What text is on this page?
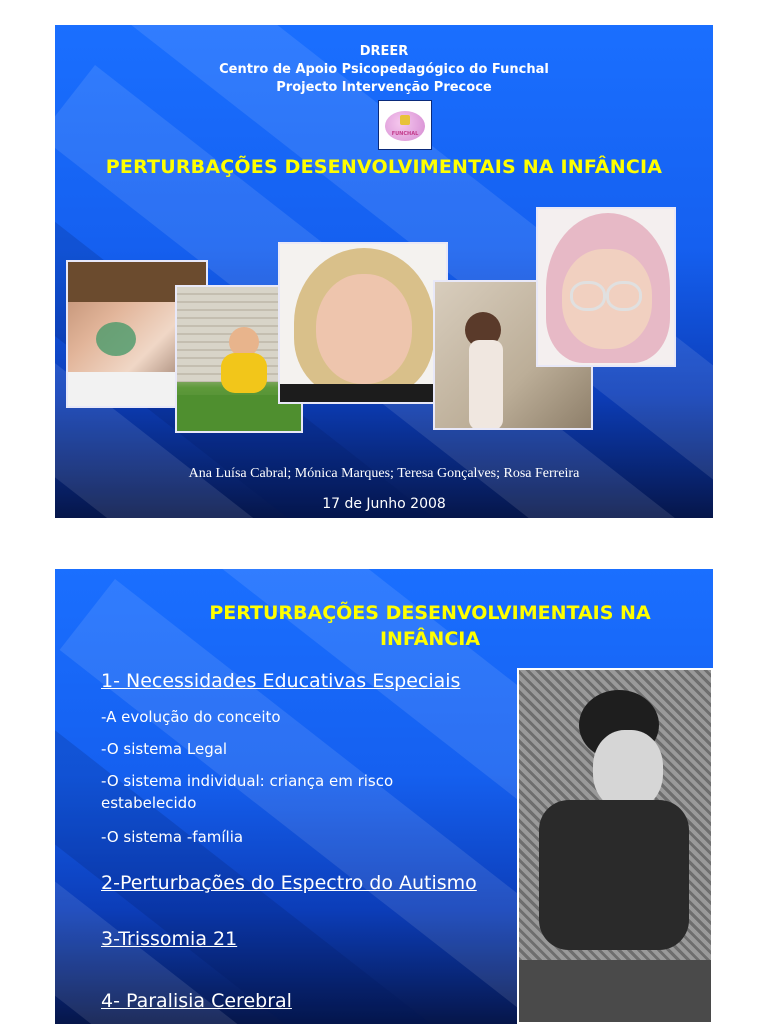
DREER
Centro de Apoio Psicopedagógico do Funchal
Projecto Intervenção Precoce
FUNCHAL
PERTURBAÇÕES DESENVOLVIMENTAIS NA INFÂNCIA
Ana Luísa Cabral; Mónica Marques; Teresa Gonçalves; Rosa Ferreira
17 de Junho 2008
PERTURBAÇÕES DESENVOLVIMENTAIS NA INFÂNCIA
1- Necessidades Educativas Especiais
-A evolução do conceito
-O sistema Legal
-O sistema individual: criança em risco estabelecido
-O sistema -família
2-Perturbações do Espectro do Autismo
3-Trissomia 21
4- Paralisia Cerebral
